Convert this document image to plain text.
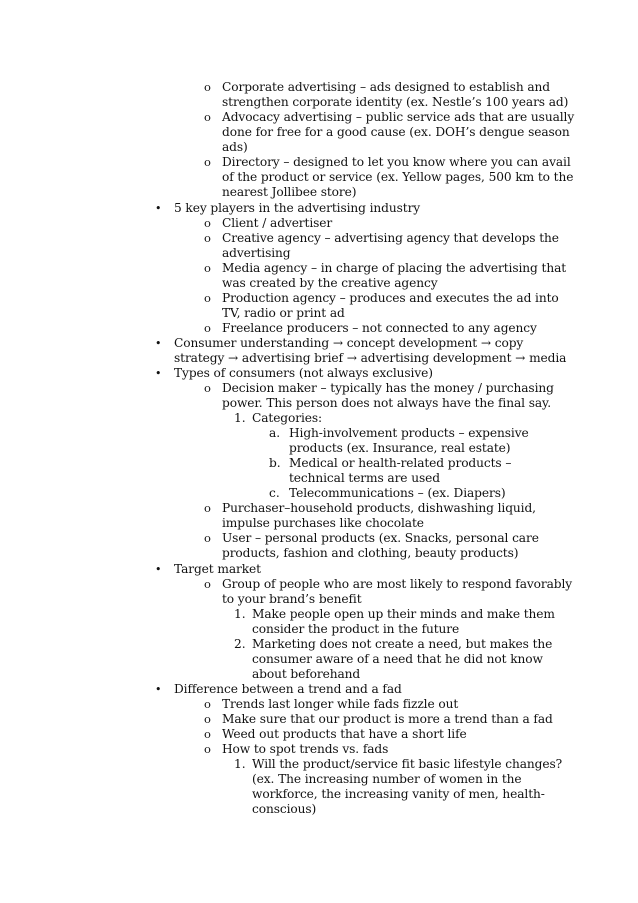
o Corporate advertising – ads designed to establish and
strengthen corporate identity (ex. Nestle’s 100 years ad)
o Advocacy advertising – public service ads that are usually
done for free for a good cause (ex. DOH’s dengue season
ads)
o Directory – designed to let you know where you can avail
of the product or service (ex. Yellow pages, 500 km to the
nearest Jollibee store)
• 5 key players in the advertising industry
o Client / advertiser
o Creative agency – advertising agency that develops the
advertising
o Media agency – in charge of placing the advertising that
was created by the creative agency
o Production agency – produces and executes the ad into
TV, radio or print ad
o Freelance producers – not connected to any agency
• Consumer understanding → concept development → copy
strategy → advertising brief → advertising development → media
• Types of consumers (not always exclusive)
o Decision maker – typically has the money / purchasing
power. This person does not always have the final say.
1. Categories:
a. High-involvement products – expensive
products (ex. Insurance, real estate)
b. Medical or health-related products –
technical terms are used
c. Telecommunications – (ex. Diapers)
o Purchaser–household products, dishwashing liquid,
impulse purchases like chocolate
o User – personal products (ex. Snacks, personal care
products, fashion and clothing, beauty products)
• Target market
o Group of people who are most likely to respond favorably
to your brand’s benefit
1. Make people open up their minds and make them
consider the product in the future
2. Marketing does not create a need, but makes the
consumer aware of a need that he did not know
about beforehand
• Difference between a trend and a fad
o Trends last longer while fads fizzle out
o Make sure that our product is more a trend than a fad
o Weed out products that have a short life
o How to spot trends vs. fads
1. Will the product/service fit basic lifestyle changes?
(ex. The increasing number of women in the
workforce, the increasing vanity of men, health-
conscious)
